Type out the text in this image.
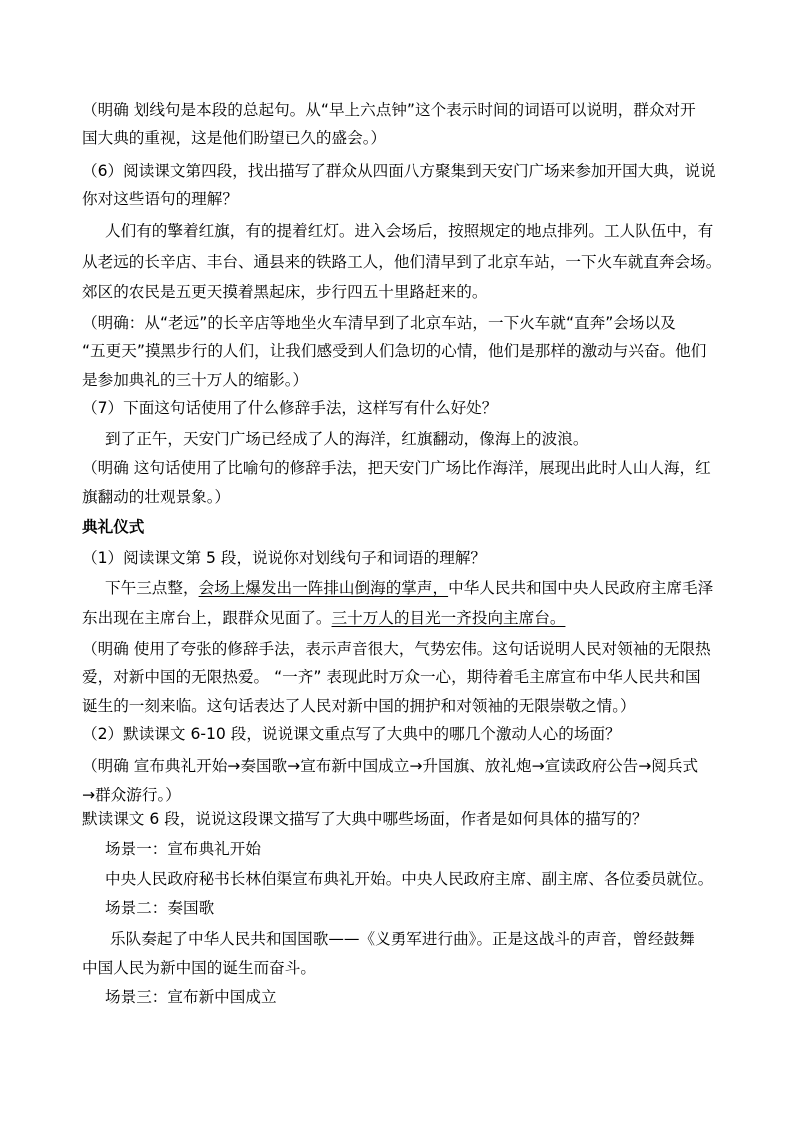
（明确 划线句是本段的总起句。从“早上六点钟”这个表示时间的词语可以说明，群众对开
国大典的重视，这是他们盼望已久的盛会。）
（6）阅读课文第四段，找出描写了群众从四面八方聚集到天安门广场来参加开国大典，说说
你对这些语句的理解？
人们有的擎着红旗，有的提着红灯。进入会场后，按照规定的地点排列。工人队伍中，有
从老远的长辛店、丰台、通县来的铁路工人，他们清早到了北京车站，一下火车就直奔会场。
郊区的农民是五更天摸着黑起床，步行四五十里路赶来的。
（明确：从“老远”的长辛店等地坐火车清早到了北京车站，一下火车就“直奔”会场以及
“五更天”摸黑步行的人们，让我们感受到人们急切的心情，他们是那样的激动与兴奋。他们
是参加典礼的三十万人的缩影。）
（7）下面这句话使用了什么修辞手法，这样写有什么好处？
到了正午，天安门广场已经成了人的海洋，红旗翻动，像海上的波浪。
（明确 这句话使用了比喻句的修辞手法，把天安门广场比作海洋，展现出此时人山人海，红
旗翻动的壮观景象。）
典礼仪式
（1）阅读课文第 5 段，说说你对划线句子和词语的理解？
下午三点整，会场上爆发出一阵排山倒海的掌声，中华人民共和国中央人民政府主席毛泽
东出现在主席台上，跟群众见面了。三十万人的目光一齐投向主席台。
（明确 使用了夸张的修辞手法，表示声音很大，气势宏伟。这句话说明人民对领袖的无限热
爱，对新中国的无限热爱。 “一齐” 表现此时万众一心，期待着毛主席宣布中华人民共和国
诞生的一刻来临。这句话表达了人民对新中国的拥护和对领袖的无限崇敬之情。）
（2）默读课文 6-10 段，说说课文重点写了大典中的哪几个激动人心的场面？
（明确 宣布典礼开始→奏国歌→宣布新中国成立→升国旗、放礼炮→宣读政府公告→阅兵式
→群众游行。）
默读课文 6 段，说说这段课文描写了大典中哪些场面，作者是如何具体的描写的？
场景一：宣布典礼开始
中央人民政府秘书长林伯渠宣布典礼开始。中央人民政府主席、副主席、各位委员就位。
场景二：奏国歌
乐队奏起了中华人民共和国国歌——《义勇军进行曲》。正是这战斗的声音，曾经鼓舞
中国人民为新中国的诞生而奋斗。
场景三：宣布新中国成立
